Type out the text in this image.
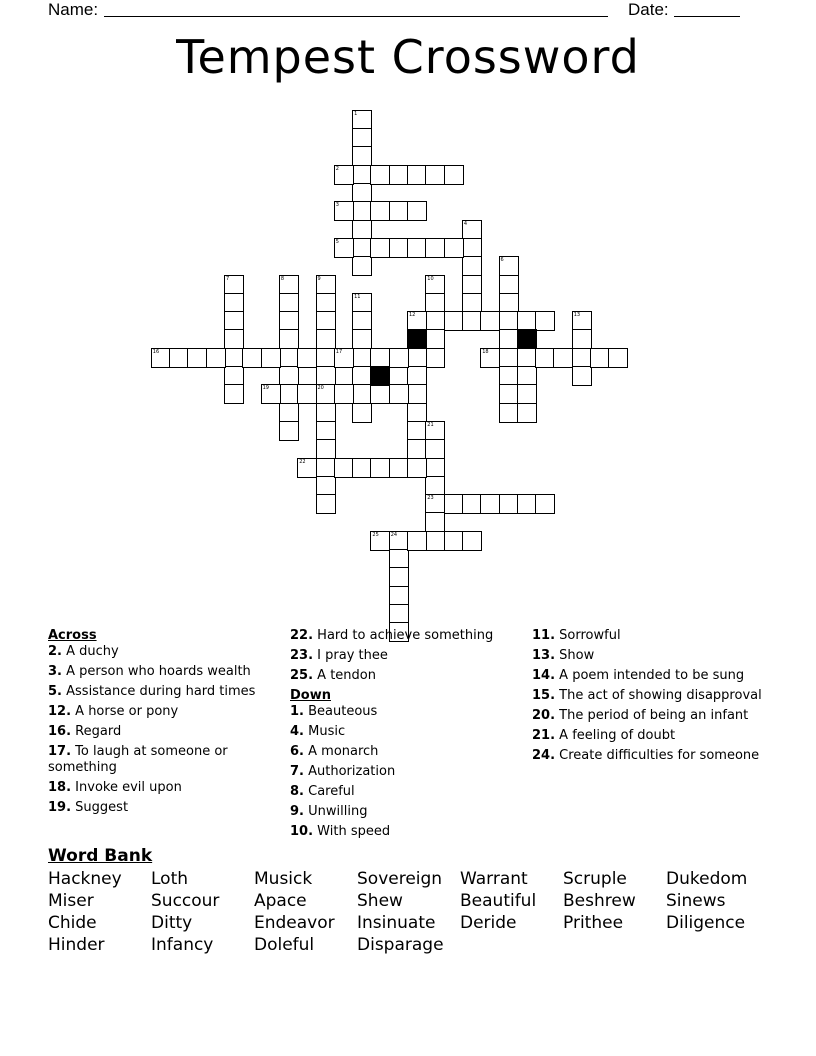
Name:	Date:
Tempest Crossword
1
2
3
4
5
6
7	8	9	10
11
12	13
14	15
16	17	18
19	20
21
23
22
24
25
Across
2. A duchy
3. A person who hoards wealth
5. Assistance during hard times
12. A horse or pony
16. Regard
17. To laugh at someone or something
18. Invoke evil upon
19. Suggest
22. Hard to achieve something
23. I pray thee
25. A tendon
Down
1. Beauteous
4. Music
6. A monarch
7. Authorization
8. Careful
9. Unwilling
10. With speed
11. Sorrowful
13. Show
14. A poem intended to be sung
15. The act of showing disapproval
20. The period of being an infant
21. A feeling of doubt
24. Create difficulties for someone
Word Bank
Hackney	Loth	Musick	Sovereign	Warrant	Scruple	Dukedom
Miser	Succour	Apace	Shew	Beautiful	Beshrew	Sinews
Chide	Ditty	Endeavor	Insinuate	Deride	Prithee	Diligence
Hinder	Infancy	Doleful	Disparage
